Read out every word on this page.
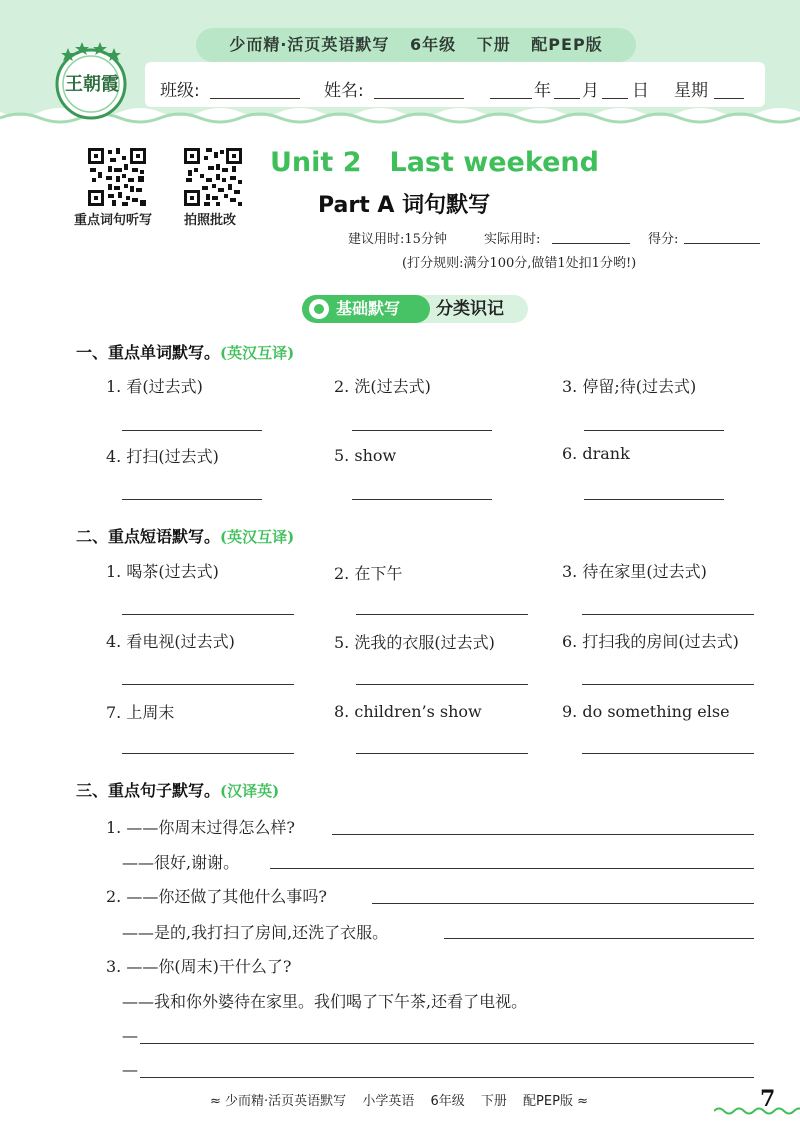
少而精·活页英语默写 6年级 下册 配PEP版
王朝霞 班级:	姓名:	年 月 日 星期
重点词句听写 拍照批改
Unit 2 Last weekend
Part A 词句默写
建议用时:15分钟	实际用时:	得分:
(打分规则:满分100分,做错1处扣1分哟!)
基础默写	分类识记
一、重点单词默写。(英汉互译)
1. 看(过去式)	2. 洗(过去式)	3. 停留;待(过去式)
4. 打扫(过去式)	5. show	6. drank
二、重点短语默写。(英汉互译)
1. 喝茶(过去式)	2. 在下午	3. 待在家里(过去式)
4. 看电视(过去式)	5. 洗我的衣服(过去式)	6. 打扫我的房间(过去式)
7. 上周末	8. children’s show	9. do something else
三、重点句子默写。(汉译英)
1. ——你周末过得怎么样?
——很好,谢谢。
2. ——你还做了其他什么事吗?
——是的,我打扫了房间,还洗了衣服。
3. ——你(周末)干什么了?
——我和你外婆待在家里。我们喝了下午茶,还看了电视。
—
—
≈ 少而精·活页英语默写 小学英语 6年级 下册 配PEP版 ≈	7
